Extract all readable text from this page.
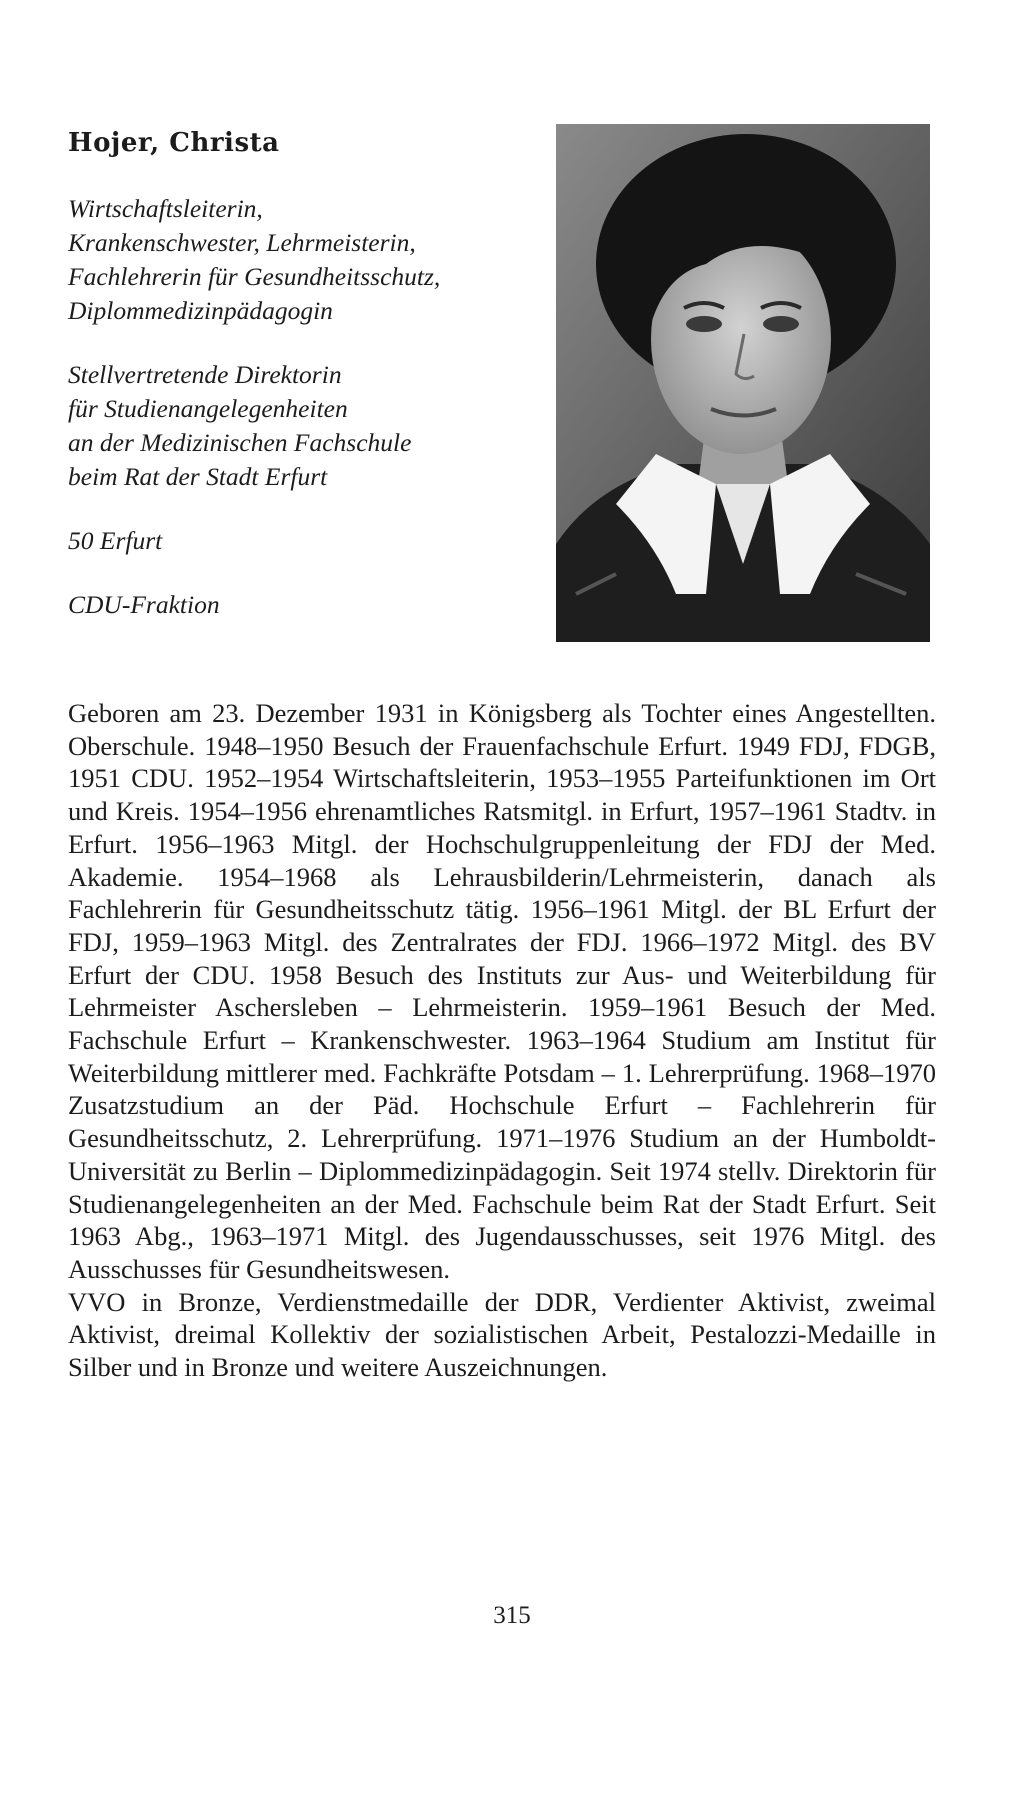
Hojer, Christa
Wirtschaftsleiterin,
Krankenschwester, Lehrmeisterin,
Fachlehrerin für Gesundheitsschutz,
Diplommedizinpädagogin
Stellvertretende Direktorin
für Studienangelegenheiten
an der Medizinischen Fachschule
beim Rat der Stadt Erfurt
50 Erfurt
CDU-Fraktion

Geboren am 23. Dezember 1931 in Königsberg als Tochter eines Angestellten. Oberschule. 1948–1950 Besuch der Frauenfachschule Erfurt. 1949 FDJ, FDGB, 1951 CDU. 1952–1954 Wirtschaftsleiterin, 1953–1955 Parteifunktionen im Ort und Kreis. 1954–1956 ehrenamtliches Ratsmitgl. in Erfurt, 1957–1961 Stadtv. in Erfurt. 1956–1963 Mitgl. der Hochschulgruppenleitung der FDJ der Med. Akademie. 1954–1968 als Lehrausbilderin/Lehrmeisterin, danach als Fachlehrerin für Gesundheitsschutz tätig. 1956–1961 Mitgl. der BL Erfurt der FDJ, 1959–1963 Mitgl. des Zentralrates der FDJ. 1966–1972 Mitgl. des BV Erfurt der CDU. 1958 Besuch des Instituts zur Aus- und Weiterbildung für Lehrmeister Aschersleben – Lehrmeisterin. 1959–1961 Besuch der Med. Fachschule Erfurt – Krankenschwester. 1963–1964 Studium am Institut für Weiterbildung mittlerer med. Fachkräfte Potsdam – 1. Lehrerprüfung. 1968–1970 Zusatzstudium an der Päd. Hochschule Erfurt – Fachlehrerin für Gesundheitsschutz, 2. Lehrerprüfung. 1971–1976 Studium an der Humboldt-Universität zu Berlin – Diplommedizinpädagogin. Seit 1974 stellv. Direktorin für Studienangelegenheiten an der Med. Fachschule beim Rat der Stadt Erfurt. Seit 1963 Abg., 1963–1971 Mitgl. des Jugendausschusses, seit 1976 Mitgl. des Ausschusses für Gesundheitswesen.

VVO in Bronze, Verdienstmedaille der DDR, Verdienter Aktivist, zweimal Aktivist, dreimal Kollektiv der sozialistischen Arbeit, Pestalozzi-Medaille in Silber und in Bronze und weitere Auszeichnungen.

315
